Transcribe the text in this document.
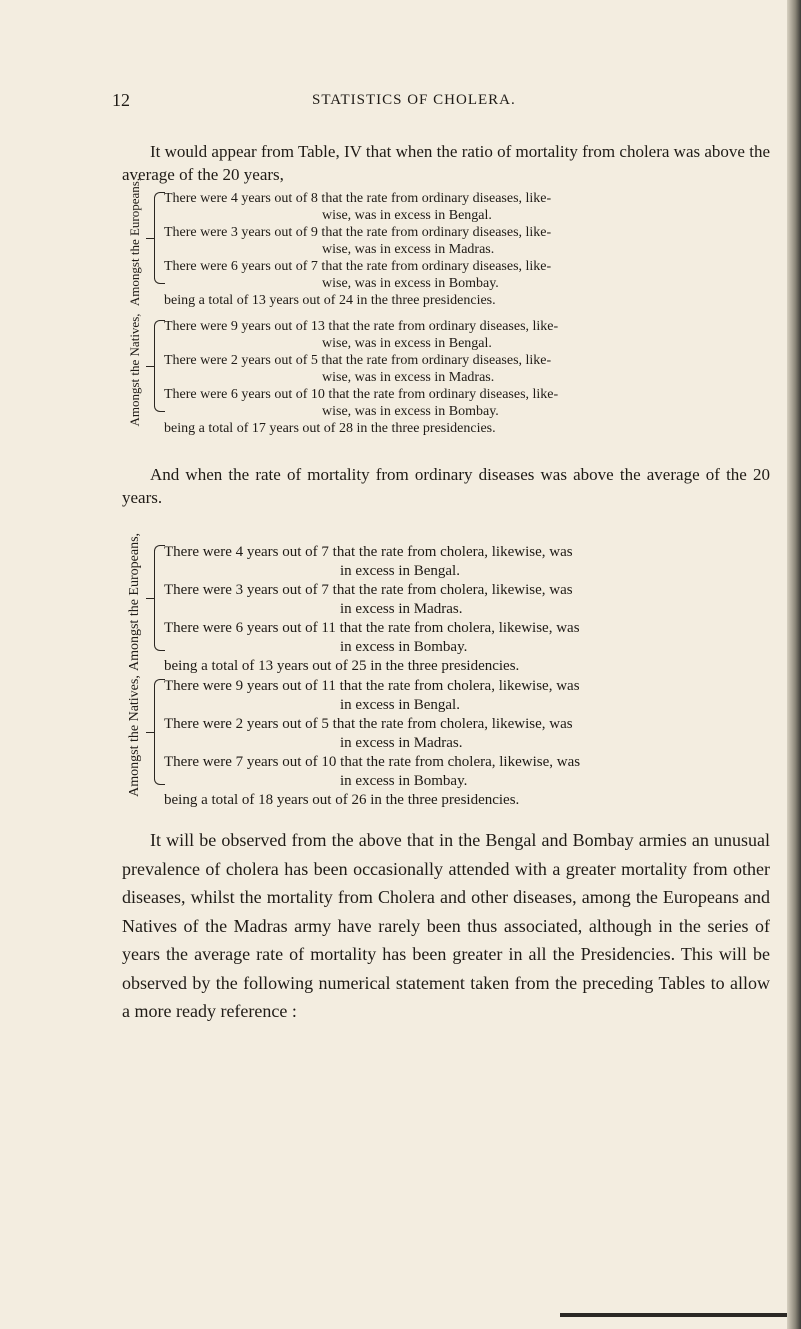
12	STATISTICS OF CHOLERA.

It would appear from Table, IV that when the ratio of mortality from cholera was above the average of the 20 years,

Amongst the Europeans, There were 4 years out of 8 that the rate from ordinary diseases, like-
wise, was in excess in Bengal.

There were 3 years out of 9 that the rate from ordinary diseases, like-
wise, was in excess in Madras.

There were 6 years out of 7 that the rate from ordinary diseases, like-
wise, was in excess in Bombay.

being a total of 13 years out of 24 in the three presidencies.
Amongst the Natives, There were 9 years out of 13 that the rate from ordinary diseases, like-
wise, was in excess in Bengal.

There were 2 years out of 5 that the rate from ordinary diseases, like-
wise, was in excess in Madras.

There were 6 years out of 10 that the rate from ordinary diseases, like-
wise, was in excess in Bombay.

being a total of 17 years out of 28 in the three presidencies.

And when the rate of mortality from ordinary diseases was above the average of the 20 years.

Amongst the Europeans, There were 4 years out of 7 that the rate from cholera, likewise, was
in excess in Bengal.

There were 3 years out of 7 that the rate from cholera, likewise, was
in excess in Madras.

There were 6 years out of 11 that the rate from cholera, likewise, was
in excess in Bombay.

being a total of 13 years out of 25 in the three presidencies.
Amongst the Natives, There were 9 years out of 11 that the rate from cholera, likewise, was
in excess in Bengal.

There were 2 years out of 5 that the rate from cholera, likewise, was
in excess in Madras.

There were 7 years out of 10 that the rate from cholera, likewise, was
in excess in Bombay.

being a total of 18 years out of 26 in the three presidencies.

It will be observed from the above that in the Bengal and Bombay armies an unusual prevalence of cholera has been occasionally attended with a greater mortality from other diseases, whilst the mortality from Cholera and other diseases, among the Europeans and Natives of the Madras army have rarely been thus associated, although in the series of years the average rate of mortality has been greater in all the Presidencies. This will be observed by the following numerical statement taken from the preceding Tables to allow a more ready reference :
